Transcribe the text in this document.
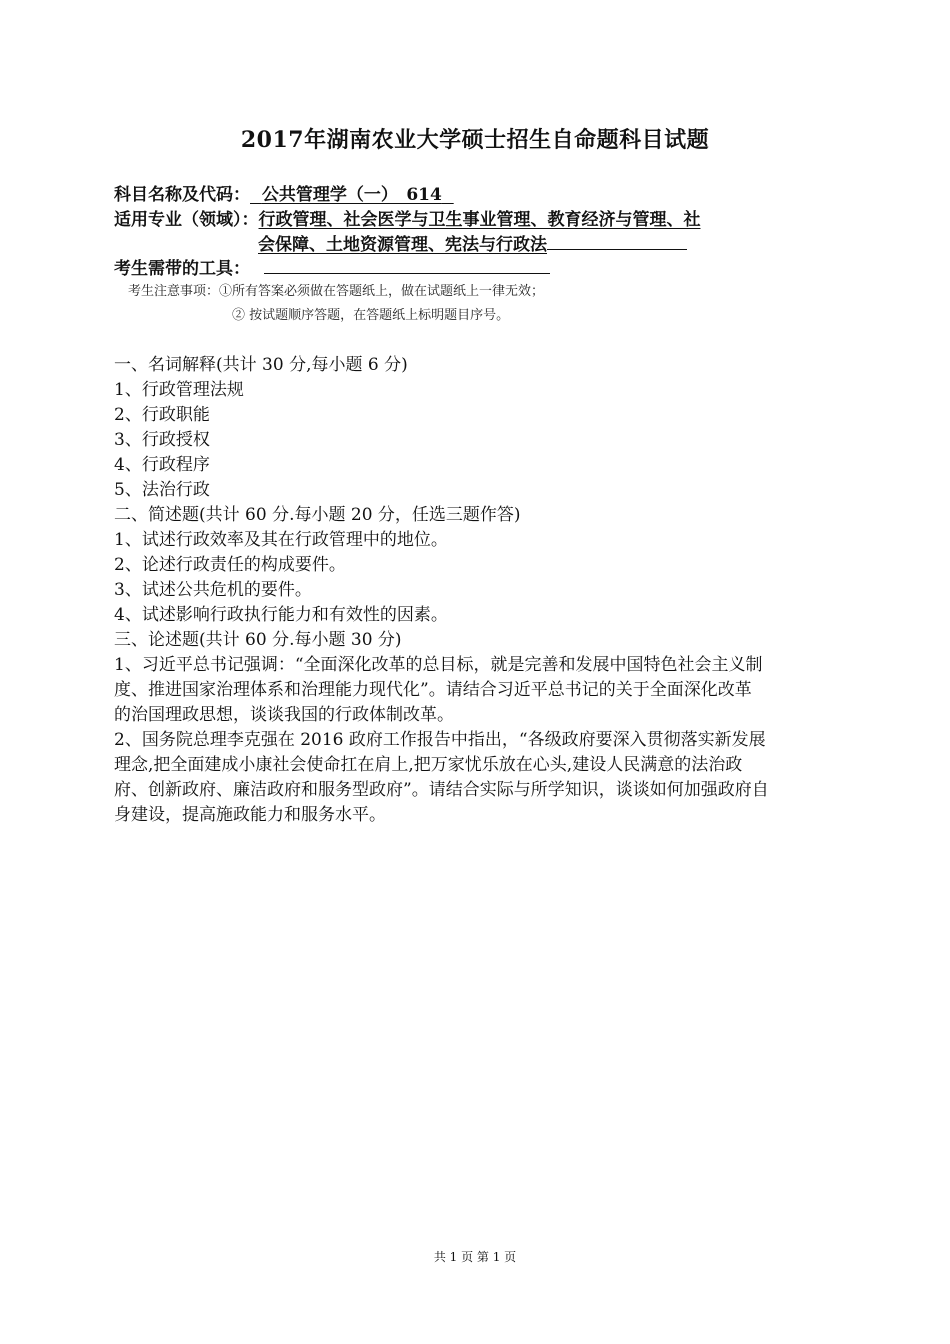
2017年湖南农业大学硕士招生自命题科目试题
科目名称及代码： 公共管理学（一）　614
适用专业（领域）：行政管理、社会医学与卫生事业管理、教育经济与管理、社
会保障、土地资源管理、宪法与行政法
考生需带的工具：
考生注意事项：①所有答案必须做在答题纸上，做在试题纸上一律无效；
② 按试题顺序答题，在答题纸上标明题目序号。
一、名词解释(共计 30 分,每小题 6 分)
1、行政管理法规
2、行政职能
3、行政授权
4、行政程序
5、法治行政
二、简述题(共计 60 分.每小题 20 分，任选三题作答)
1、试述行政效率及其在行政管理中的地位。
2、论述行政责任的构成要件。
3、试述公共危机的要件。
4、试述影响行政执行能力和有效性的因素。
三、论述题(共计 60 分.每小题 30 分)
1、习近平总书记强调：“全面深化改革的总目标，就是完善和发展中国特色社会主义制
度、推进国家治理体系和治理能力现代化”。请结合习近平总书记的关于全面深化改革
的治国理政思想，谈谈我国的行政体制改革。
2、国务院总理李克强在 2016 政府工作报告中指出，“各级政府要深入贯彻落实新发展
理念,把全面建成小康社会使命扛在肩上,把万家忧乐放在心头,建设人民满意的法治政
府、创新政府、廉洁政府和服务型政府”。请结合实际与所学知识，谈谈如何加强政府自
身建设，提高施政能力和服务水平。
共 1 页 第 1 页
